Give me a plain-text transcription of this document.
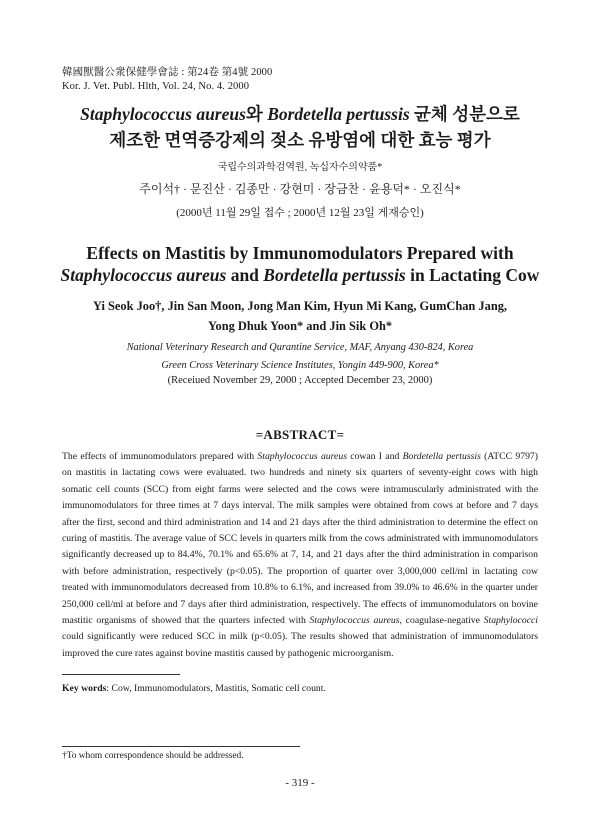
韓國獸醫公衆保健學會誌 : 第24卷 第4號 2000
Kor. J. Vet. Publ. Hlth, Vol. 24, No. 4. 2000
Staphylococcus aureus와 Bordetella pertussis 균체 성분으로
제조한 면역증강제의 젖소 유방염에 대한 효능 평가
국립수의과학검역원, 녹십자수의약품*
주이석† · 문진산 · 김종만 · 강현미 · 장금찬 · 윤용덕* · 오진식*
(2000년 11월 29일 접수 ; 2000년 12월 23일 게재승인)
Effects on Mastitis by Immunomodulators Prepared with
Staphylococcus aureus and Bordetella pertussis in Lactating Cow
Yi Seok Joo†, Jin San Moon, Jong Man Kim, Hyun Mi Kang, GumChan Jang,
Yong Dhuk Yoon* and Jin Sik Oh*
National Veterinary Research and Qurantine Service, MAF, Anyang 430-824, Korea
Green Cross Veterinary Science Institutes, Yongin 449-900, Korea*
(Receiued November 29, 2000 ; Accepted December 23, 2000)
=ABSTRACT=
The effects of immunomodulators prepared with Staphylococcus aureus cowan I and Bordetella pertussis (ATCC 9797) on mastitis in lactating cows were evaluated. two hundreds and ninety six quarters of seventy-eight cows with high somatic cell counts (SCC) from eight farms were selected and the cows were intramuscularly administrated with the immunomodulators for three times at 7 days interval. The milk samples were obtained from cows at before and 7 days after the first, second and third administration and 14 and 21 days after the third administration to determine the effect on curing of mastitis. The average value of SCC levels in quarters milk from the cows administrated with immunomodulators significantly decreased up to 84.4%, 70.1% and 65.6% at 7, 14, and 21 days after the third administration in comparison with before administration, respectively (p<0.05). The proportion of quarter over 3,000,000 cell/ml in lactating cow treated with immunomodulators decreased from 10.8% to 6.1%, and increased from 39.0% to 46.6% in the quarter under 250,000 cell/ml at before and 7 days after third administration, respectively. The effects of immunomodulators on bovine mastitic organisms of showed that the quarters infected with Staphylococcus aureus, coagulase-negative Staphylococci could significantly were reduced SCC in milk (p<0.05). The results showed that administration of immunomodulators improved the cure rates against bovine mastitis caused by pathogenic microorganism.
Key words: Cow, Immunomodulators, Mastitis, Somatic cell count.
†To whom correspondence should be addressed.
- 319 -
